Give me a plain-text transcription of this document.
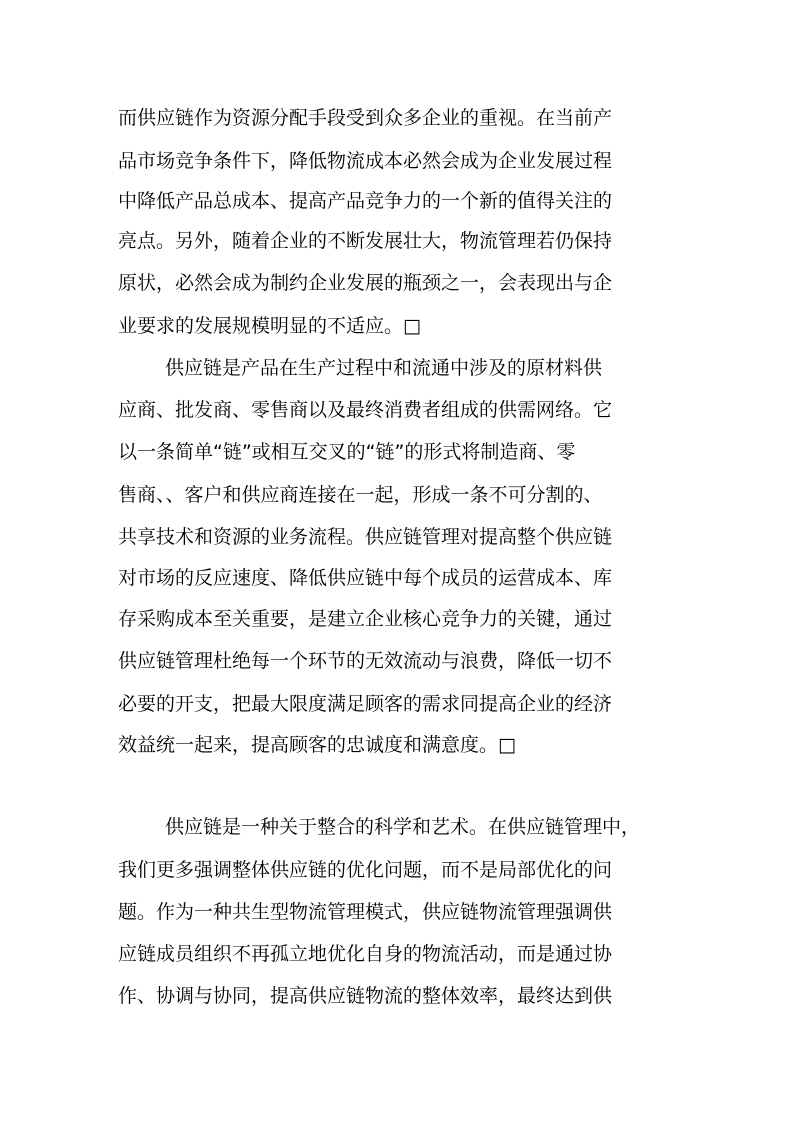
而供应链作为资源分配手段受到众多企业的重视。在当前产
品市场竞争条件下，降低物流成本必然会成为企业发展过程
中降低产品总成本、提高产品竞争力的一个新的值得关注的
亮点。另外，随着企业的不断发展壮大，物流管理若仍保持
原状，必然会成为制约企业发展的瓶颈之一，会表现出与企
业要求的发展规模明显的不适应。□
供应链是产品在生产过程中和流通中涉及的原材料供
应商、批发商、零售商以及最终消费者组成的供需网络。它
以一条简单“链”或相互交叉的“链”的形式将制造商、零
售商、、客户和供应商连接在一起，形成一条不可分割的、
共享技术和资源的业务流程。供应链管理对提高整个供应链
对市场的反应速度、降低供应链中每个成员的运营成本、库
存采购成本至关重要，是建立企业核心竞争力的关键，通过
供应链管理杜绝每一个环节的无效流动与浪费，降低一切不
必要的开支，把最大限度满足顾客的需求同提高企业的经济
效益统一起来，提高顾客的忠诚度和满意度。□
供应链是一种关于整合的科学和艺术。在供应链管理中，
我们更多强调整体供应链的优化问题，而不是局部优化的问
题。作为一种共生型物流管理模式，供应链物流管理强调供
应链成员组织不再孤立地优化自身的物流活动，而是通过协
作、协调与协同，提高供应链物流的整体效率，最终达到供
